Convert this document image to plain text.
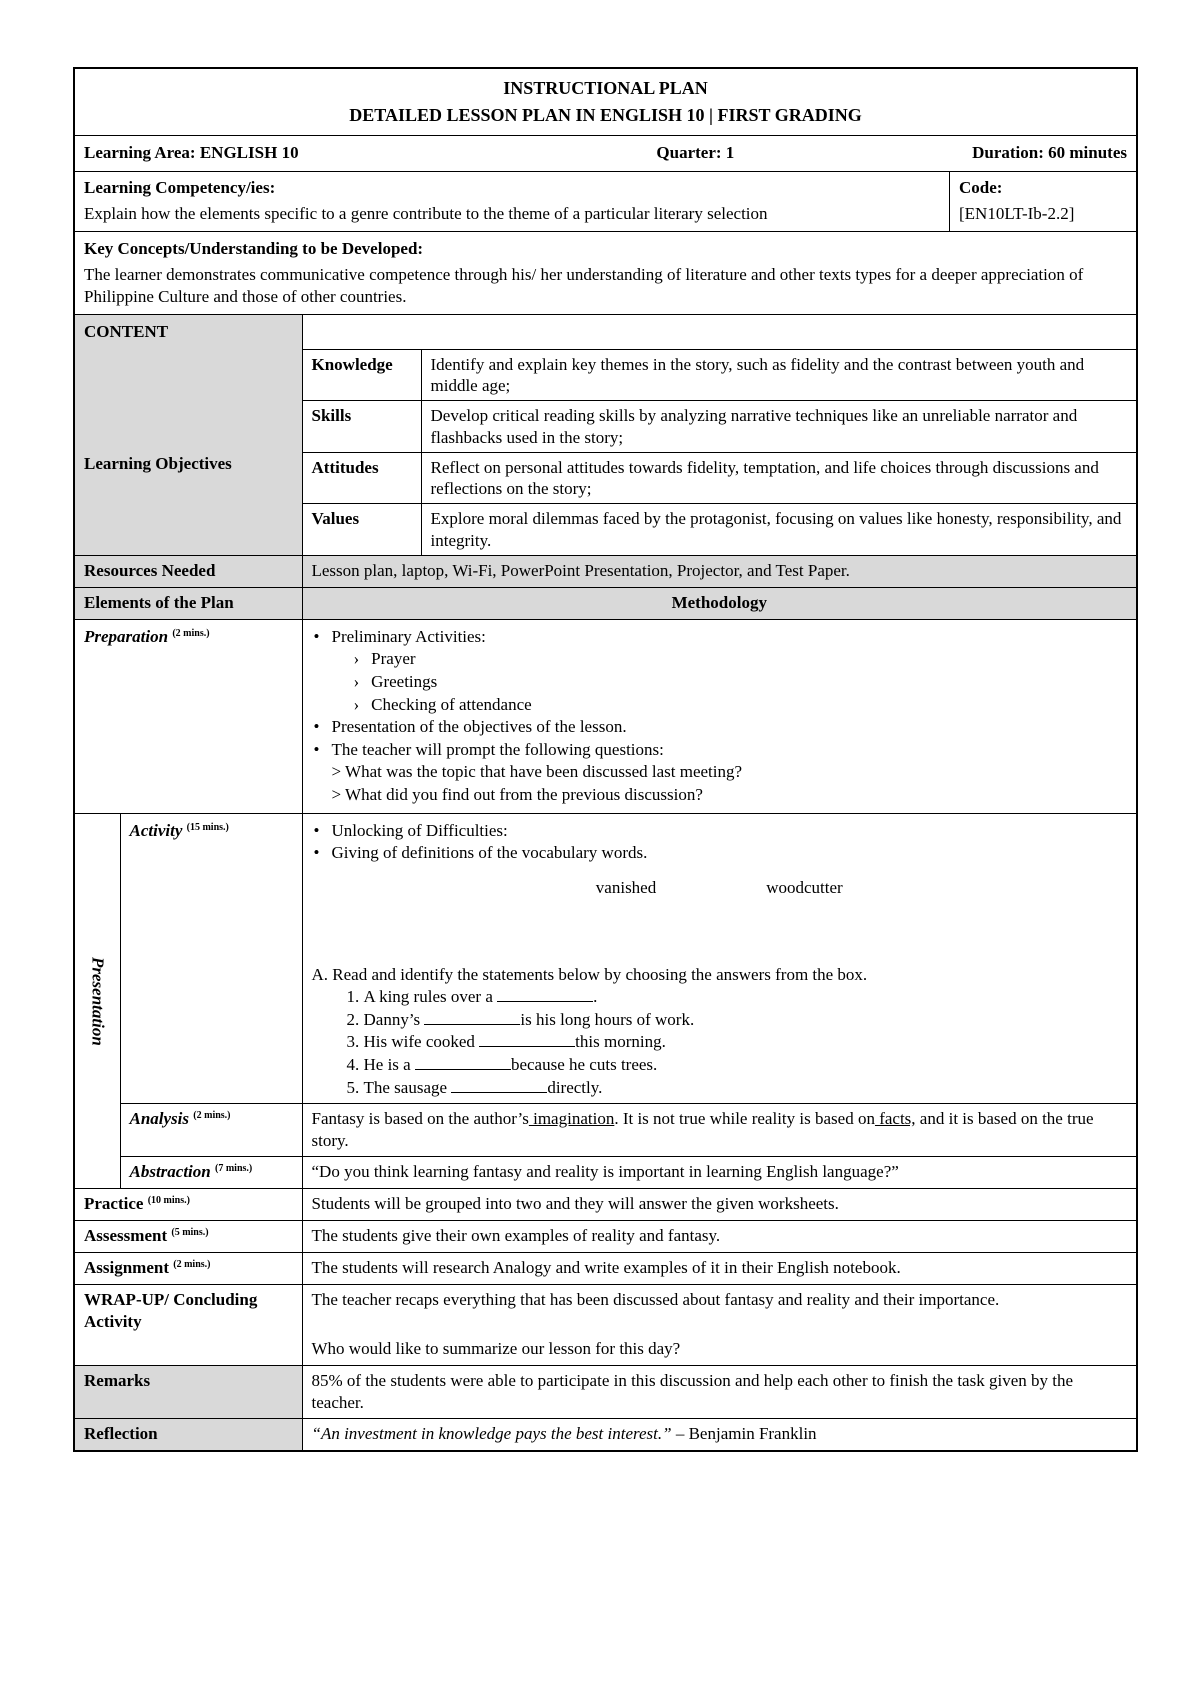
INSTRUCTIONAL PLAN
DETAILED LESSON PLAN IN ENGLISH 10 | FIRST GRADING

Learning Area: ENGLISH 10	Quarter: 1	Duration: 60 minutes

Learning Competency/ies:
Explain how the elements specific to a genre contribute to the theme of a particular literary selection

Code:
[EN10LT-Ib-2.2]

Key Concepts/Understanding to be Developed:
The learner demonstrates communicative competence through his/ her understanding of literature and other texts types for a deeper appreciation of Philippine Culture and those of other countries.

CONTENT
Learning Objectives

Knowledge	Identify and explain key themes in the story, such as fidelity and the contrast between youth and middle age;
Skills	Develop critical reading skills by analyzing narrative techniques like an unreliable narrator and flashbacks used in the story;
Attitudes	Reflect on personal attitudes towards fidelity, temptation, and life choices through discussions and reflections on the story;
Values	Explore moral dilemmas faced by the protagonist, focusing on values like honesty, responsibility, and integrity.

Resources Needed	Lesson plan, laptop, Wi-Fi, PowerPoint Presentation, Projector, and Test Paper.
Elements of the Plan	Methodology
Preparation $^{(2 mins.)}$	
•Preliminary Activities:
› Prayer
› Greetings
› Checking of attendance
• Presentation of the objectives of the lesson.
• The teacher will prompt the following questions:
> What was the topic that have been discussed last meeting?
> What did you find out from the previous discussion?

Presentation	Activity $^{(15 mins.)}$	
•Unlocking of Difficulties:
• Giving of definitions of the vocabulary words.
vanished	woodcutter
A. Read and identify the statements below by choosing the answers from the box.
1. A king rules over a	.
2. Danny’s	is his long hours of work.
3. His wife cooked	this morning.
4. He is a	because he cuts trees.
5. The sausage	directly.

Analysis $^{(2 mins.)}$	Fantasy is based on the author’s imagination. It is not true while reality is based on facts, and it is based on the true story.
Abstraction $^{(7 mins.)}$	“Do you think learning fantasy and reality is important in learning English language?”
Practice $^{(10 mins.)}$	Students will be grouped into two and they will answer the given worksheets.
Assessment $^{(5 mins.)}$	The students give their own examples of reality and fantasy.
Assignment $^{(2 mins.)}$	The students will research Analogy and write examples of it in their English notebook.
WRAP-UP/ Concluding Activity	
The teacher recaps everything that has been discussed about fantasy and reality and their importance.
Who would like to summarize our lesson for this day?

Remarks	85% of the students were able to participate in this discussion and help each other to finish the task given by the teacher.
Reflection	“An investment in knowledge pays the best interest.” – Benjamin Franklin
